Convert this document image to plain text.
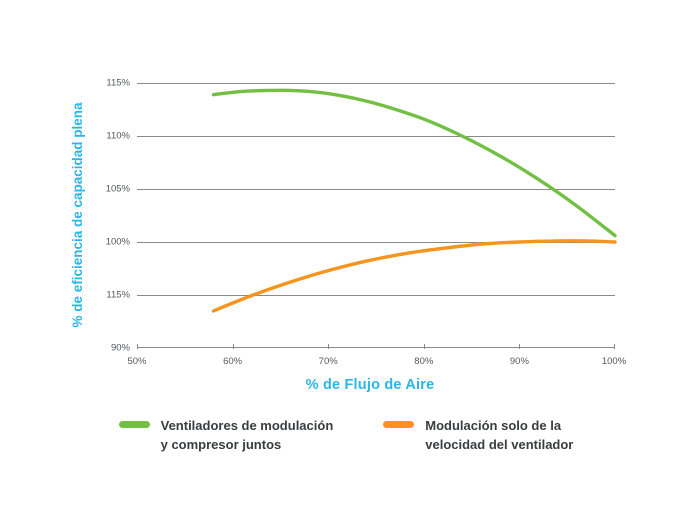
% de eficiencia de capacidad plena
115%
110%
105%
100%
115%
90%
50%	60%	70%	80%	90%	100%
% de Flujo de Aire
Ventiladores de modulación
y compresor juntos
Modulación solo de la
velocidad del ventilador
